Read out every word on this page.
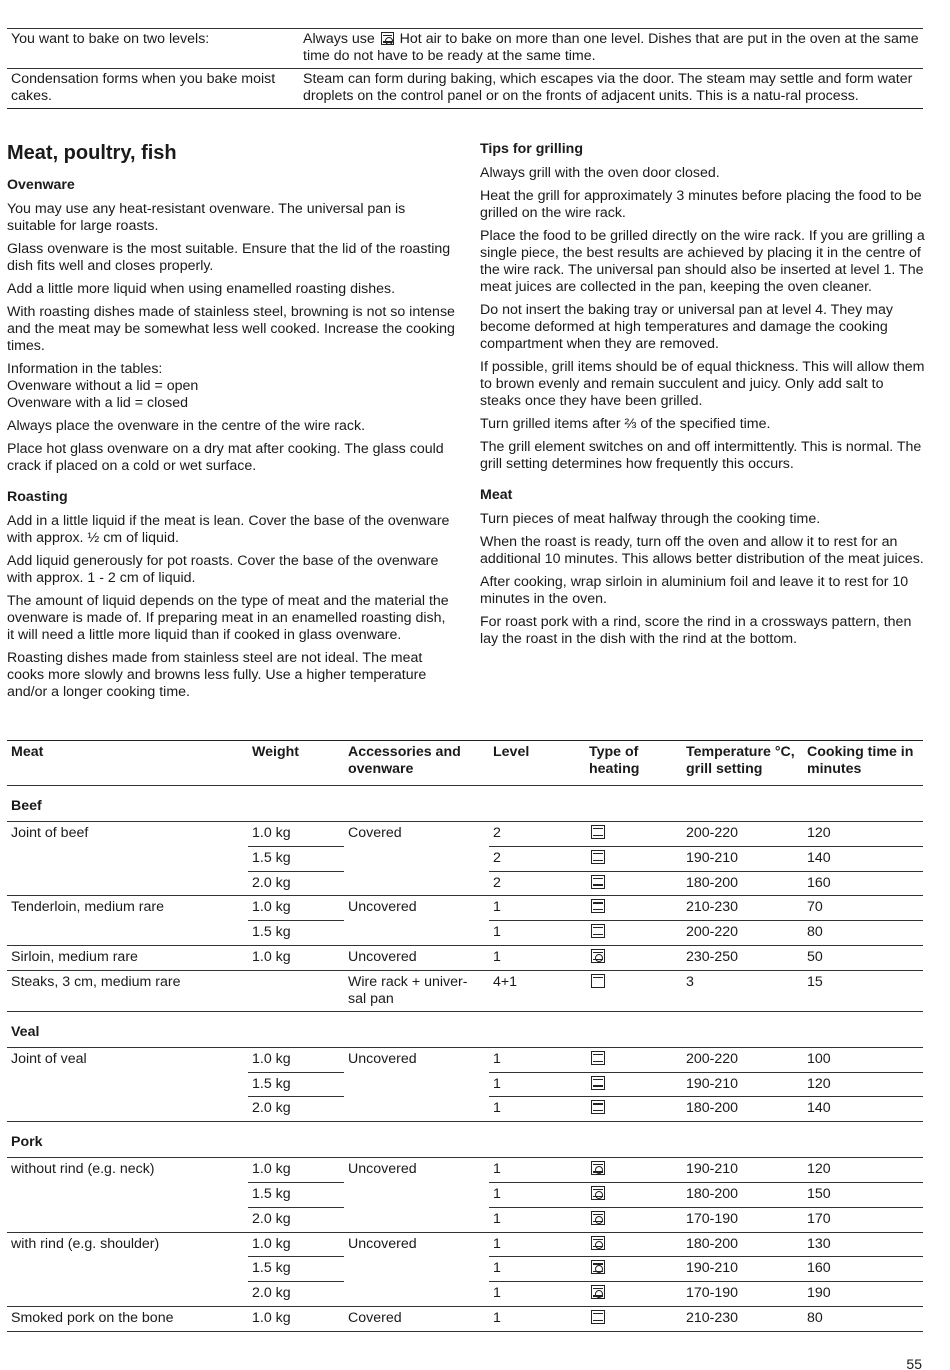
You want to bake on two levels:	Always use Hot air to bake on more than one level. Dishes that are put in the oven at the same time do not have to be ready at the same time.
Condensation forms when you bake moist cakes.	Steam can form during baking, which escapes via the door. The steam may settle and form water droplets on the control panel or on the fronts of adjacent units. This is a natu-ral process.
Meat, poultry, fish
Ovenware

You may use any heat-resistant ovenware. The universal pan is suitable for large roasts.

Glass ovenware is the most suitable. Ensure that the lid of the roasting dish fits well and closes properly.

Add a little more liquid when using enamelled roasting dishes.

With roasting dishes made of stainless steel, browning is not so intense and the meat may be somewhat less well cooked. Increase the cooking times.

Information in the tables:
Ovenware without a lid = open
Ovenware with a lid = closed

Always place the ovenware in the centre of the wire rack.

Place hot glass ovenware on a dry mat after cooking. The glass could crack if placed on a cold or wet surface.

Roasting

Add in a little liquid if the meat is lean. Cover the base of the ovenware with approx. ½ cm of liquid.

Add liquid generously for pot roasts. Cover the base of the ovenware with approx. 1 - 2 cm of liquid.

The amount of liquid depends on the type of meat and the material the ovenware is made of. If preparing meat in an enamelled roasting dish, it will need a little more liquid than if cooked in glass ovenware.

Roasting dishes made from stainless steel are not ideal. The meat cooks more slowly and browns less fully. Use a higher temperature and/or a longer cooking time.

Tips for grilling

Always grill with the oven door closed.

Heat the grill for approximately 3 minutes before placing the food to be grilled on the wire rack.

Place the food to be grilled directly on the wire rack. If you are grilling a single piece, the best results are achieved by placing it in the centre of the wire rack. The universal pan should also be inserted at level 1. The meat juices are collected in the pan, keeping the oven cleaner.

Do not insert the baking tray or universal pan at level 4. They may become deformed at high temperatures and damage the cooking compartment when they are removed.

If possible, grill items should be of equal thickness. This will allow them to brown evenly and remain succulent and juicy. Only add salt to steaks once they have been grilled.

Turn grilled items after ⅔ of the specified time.

The grill element switches on and off intermittently. This is normal. The grill setting determines how frequently this occurs.

Meat

Turn pieces of meat halfway through the cooking time.

When the roast is ready, turn off the oven and allow it to rest for an additional 10 minutes. This allows better distribution of the meat juices.

After cooking, wrap sirloin in aluminium foil and leave it to rest for 10 minutes in the oven.

For roast pork with a rind, score the rind in a crossways pattern, then lay the roast in the dish with the rind at the bottom.

Meat	Weight	Accessories and ovenware	Level	Type of heating	Temperature °C, grill setting	Cooking time in minutes
Beef						
Joint of beef	1.0 kg	Covered	2		200-220	120
	1.5 kg		2		190-210	140
	2.0 kg		2		180-200	160
Tenderloin, medium rare	1.0 kg	Uncovered	1		210-230	70
	1.5 kg		1		200-220	80
Sirloin, medium rare	1.0 kg	Uncovered	1		230-250	50
Steaks, 3 cm, medium rare		Wire rack + univer-sal pan	4+1		3	15
Veal						
Joint of veal	1.0 kg	Uncovered	1		200-220	100
	1.5 kg		1		190-210	120
	2.0 kg		1		180-200	140
Pork						
without rind (e.g. neck)	1.0 kg	Uncovered	1		190-210	120
	1.5 kg		1		180-200	150
	2.0 kg		1		170-190	170
with rind (e.g. shoulder)	1.0 kg	Uncovered	1		180-200	130
	1.5 kg		1		190-210	160
	2.0 kg		1		170-190	190
Smoked pork on the bone	1.0 kg	Covered	1		210-230	80
55
